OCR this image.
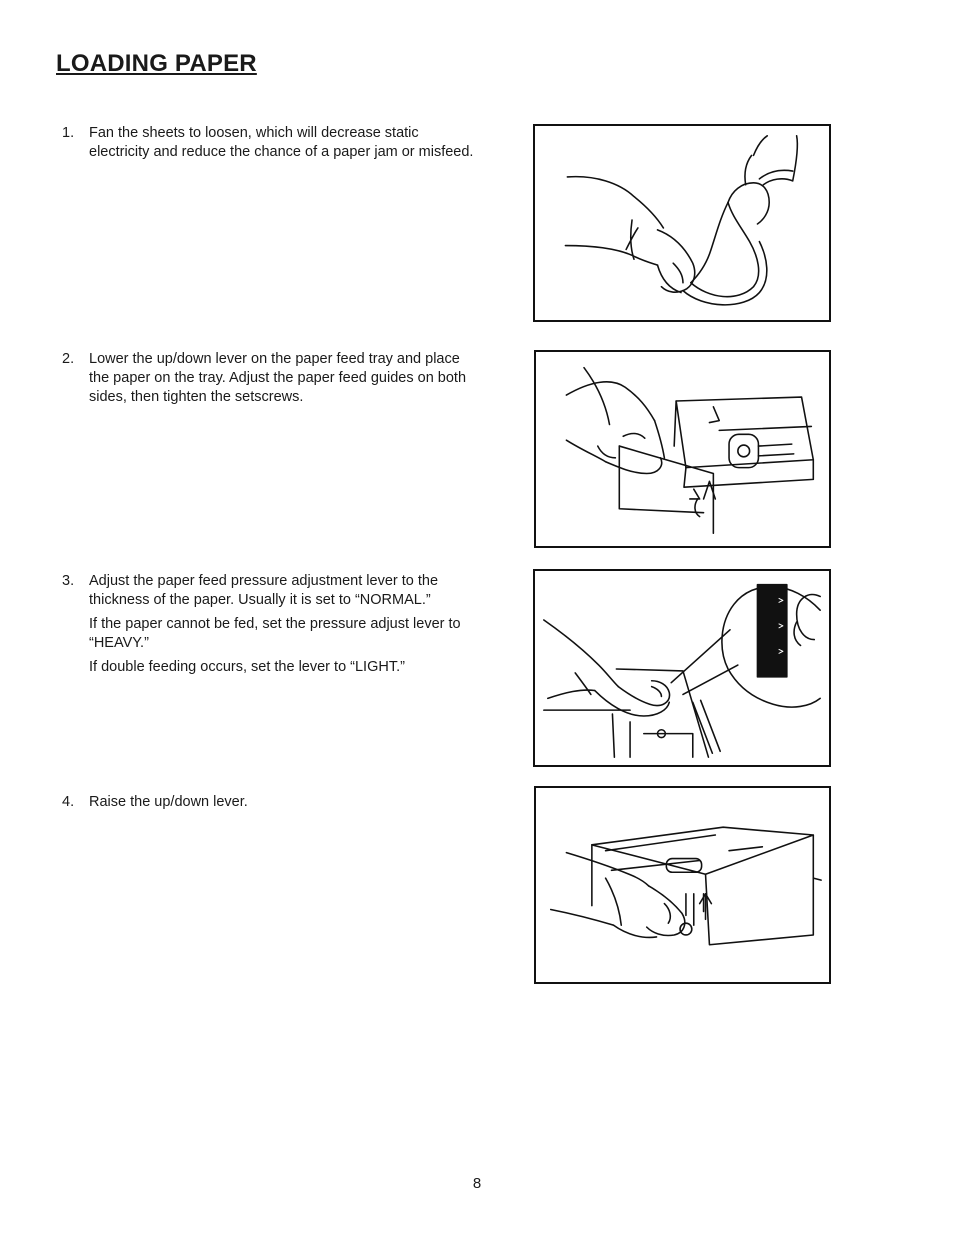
LOADING PAPER
1. Fan the sheets to loosen, which will decrease static electricity and reduce the chance of a paper jam or misfeed.

2. Lower the up/down lever on the paper feed tray and place the paper on the tray. Adjust the paper feed guides on both sides, then tighten the setscrews.

3. Adjust the paper feed pressure adjustment lever to the thickness of the paper. Usually it is set to “NORMAL.”

If the paper cannot be fed, set the pressure adjust lever to “HEAVY.”

If double feeding occurs, set the lever to “LIGHT.”

4. Raise the up/down lever.

8
